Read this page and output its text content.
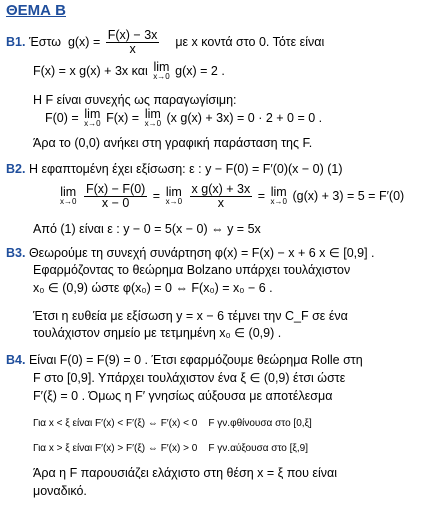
ΘΕΜΑ Β
Β1. Έστω $g(x) = \frac{F(x) - 3x}{x}$ με x κοντά στο 0. Τότε είναι
F(x) = x g(x) + 3x και lim
x→0 g(x) = 2 .
Η F είναι συνεχής ως παραγωγίσιμη:
F(0) = lim
x→0 F(x) = lim
x→0 (x g(x) + 3x) = 0 · 2 + 0 = 0 .
Άρα το (0,0) ανήκει στη γραφική παράσταση της F.
Β2. Η εφαπτομένη έχει εξίσωση: ε : y − F(0) = F′(0)(x − 0) (1)
lim
x→0
$\frac{F(x) - F(0)}{x - 0} = \lim$
x→0
$\frac{\text{x g(x) + 3x}}{x} = \lim$
x→0 (g(x) + 3) = 5 = F′(0)
Από (1) είναι ε : y − 0 = 5(x − 0) ⇔ y = 5x
Β3. Θεωρούμε τη συνεχή συνάρτηση φ(x) = F(x) − x + 6 x ∈ [0,9] .
Εφαρμόζοντας το θεώρημα Bolzano υπάρχει τουλάχιστον
x₀ ∈ (0,9) ώστε φ(x₀) = 0 ⇔ F(x₀) = x₀ − 6 .
Έτσι η ευθεία με εξίσωση y = x − 6 τέμνει την C_F σε ένα
τουλάχιστον σημείο με τετμημένη x₀ ∈ (0,9) .
Β4. Είναι F(0) = F(9) = 0 . Έτσι εφαρμόζουμε θεώρημα Rolle στη
F στο [0,9]. Υπάρχει τουλάχιστον ένα ξ ∈ (0,9) έτσι ώστε
F′(ξ) = 0 . Όμως η F′ γνησίως αύξουσα με αποτέλεσμα
Για x < ξ είναι F′(x) < F′(ξ) ⇔ F′(x) < 0 F γν.φθίνουσα στο [0,ξ]
Για x > ξ είναι F′(x) > F′(ξ) ⇔ F′(x) > 0 F γν.αύξουσα στο [ξ,9]
Άρα η F παρουσιάζει ελάχιστο στη θέση x = ξ που είναι
μοναδικό.
